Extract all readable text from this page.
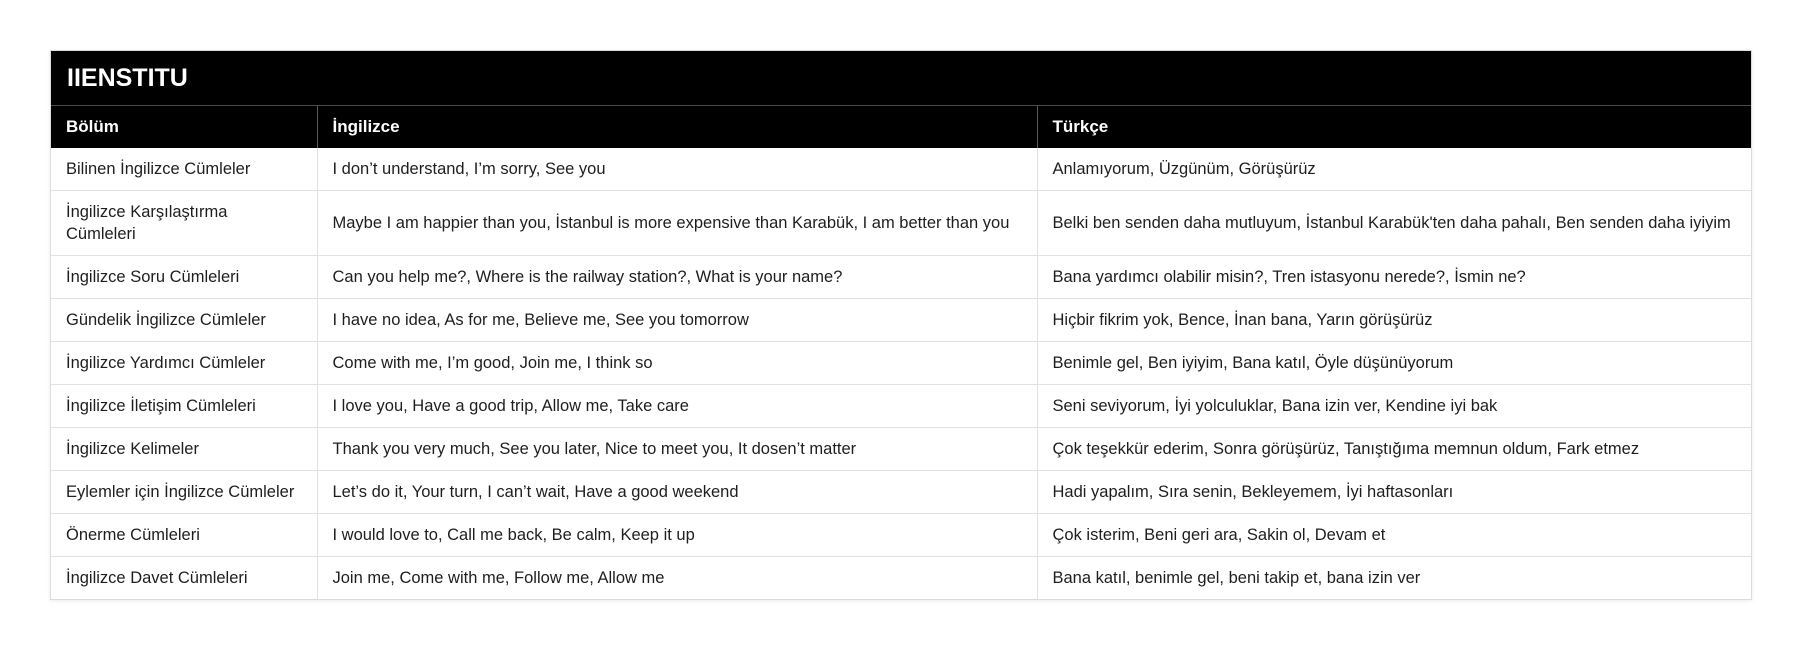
IIENSTITU
Bölüm	İngilizce	Türkçe
Bilinen İngilizce Cümleler	I don’t understand, I’m sorry, See you	Anlamıyorum, Üzgünüm, Görüşürüz
İngilizce Karşılaştırma Cümleleri	Maybe I am happier than you, İstanbul is more expensive than Karabük, I am better than you	Belki ben senden daha mutluyum, İstanbul Karabük'ten daha pahalı, Ben senden daha iyiyim
İngilizce Soru Cümleleri	Can you help me?, Where is the railway station?, What is your name?	Bana yardımcı olabilir misin?, Tren istasyonu nerede?, İsmin ne?
Gündelik İngilizce Cümleler	I have no idea, As for me, Believe me, See you tomorrow	Hiçbir fikrim yok, Bence, İnan bana, Yarın görüşürüz
İngilizce Yardımcı Cümleler	Come with me, I’m good, Join me, I think so	Benimle gel, Ben iyiyim, Bana katıl, Öyle düşünüyorum
İngilizce İletişim Cümleleri	I love you, Have a good trip, Allow me, Take care	Seni seviyorum, İyi yolculuklar, Bana izin ver, Kendine iyi bak
İngilizce Kelimeler	Thank you very much, See you later, Nice to meet you, It dosen’t matter	Çok teşekkür ederim, Sonra görüşürüz, Tanıştığıma memnun oldum, Fark etmez
Eylemler için İngilizce Cümleler	Let’s do it, Your turn, I can’t wait, Have a good weekend	Hadi yapalım, Sıra senin, Bekleyemem, İyi haftasonları
Önerme Cümleleri	I would love to, Call me back, Be calm, Keep it up	Çok isterim, Beni geri ara, Sakin ol, Devam et
İngilizce Davet Cümleleri	Join me, Come with me, Follow me, Allow me	Bana katıl, benimle gel, beni takip et, bana izin ver
